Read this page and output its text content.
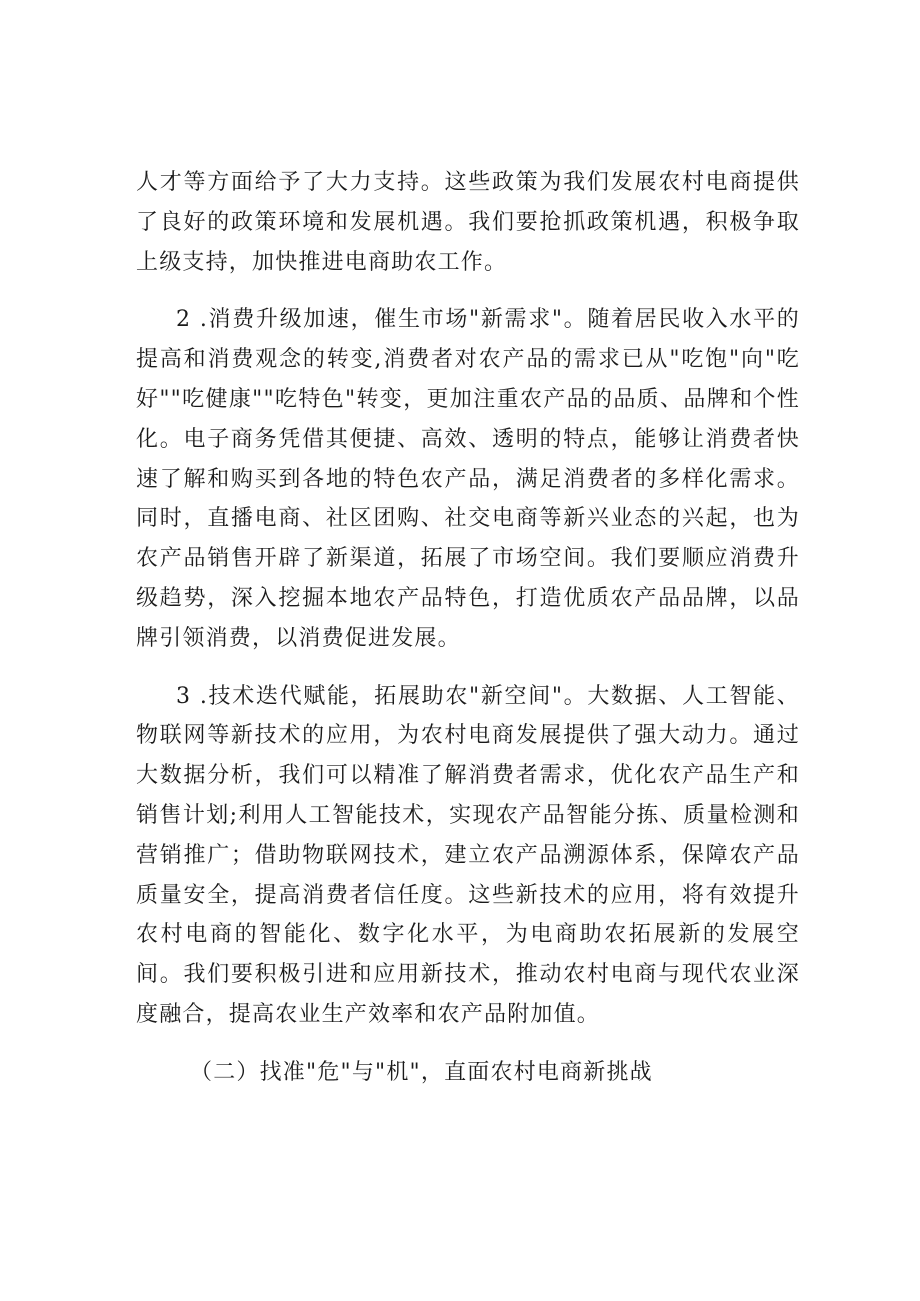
人才等方面给予了大力支持。这些政策为我们发展农村电商提供了良好的政策环境和发展机遇。我们要抢抓政策机遇，积极争取上级支持，加快推进电商助农工作。

2 .消费升级加速，催生市场"新需求"。随着居民收入水平的提高和消费观念的转变,消费者对农产品的需求已从"吃饱"向"吃好""吃健康""吃特色"转变，更加注重农产品的品质、品牌和个性化。电子商务凭借其便捷、高效、透明的特点，能够让消费者快速了解和购买到各地的特色农产品，满足消费者的多样化需求。同时，直播电商、社区团购、社交电商等新兴业态的兴起，也为农产品销售开辟了新渠道，拓展了市场空间。我们要顺应消费升级趋势，深入挖掘本地农产品特色，打造优质农产品品牌，以品牌引领消费，以消费促进发展。

3 .技术迭代赋能，拓展助农"新空间"。大数据、人工智能、物联网等新技术的应用，为农村电商发展提供了强大动力。通过大数据分析，我们可以精准了解消费者需求，优化农产品生产和销售计划;利用人工智能技术，实现农产品智能分拣、质量检测和营销推广；借助物联网技术，建立农产品溯源体系，保障农产品质量安全，提高消费者信任度。这些新技术的应用，将有效提升农村电商的智能化、数字化水平，为电商助农拓展新的发展空间。我们要积极引进和应用新技术，推动农村电商与现代农业深度融合，提高农业生产效率和农产品附加值。

（二）找准"危"与"机"，直面农村电商新挑战
